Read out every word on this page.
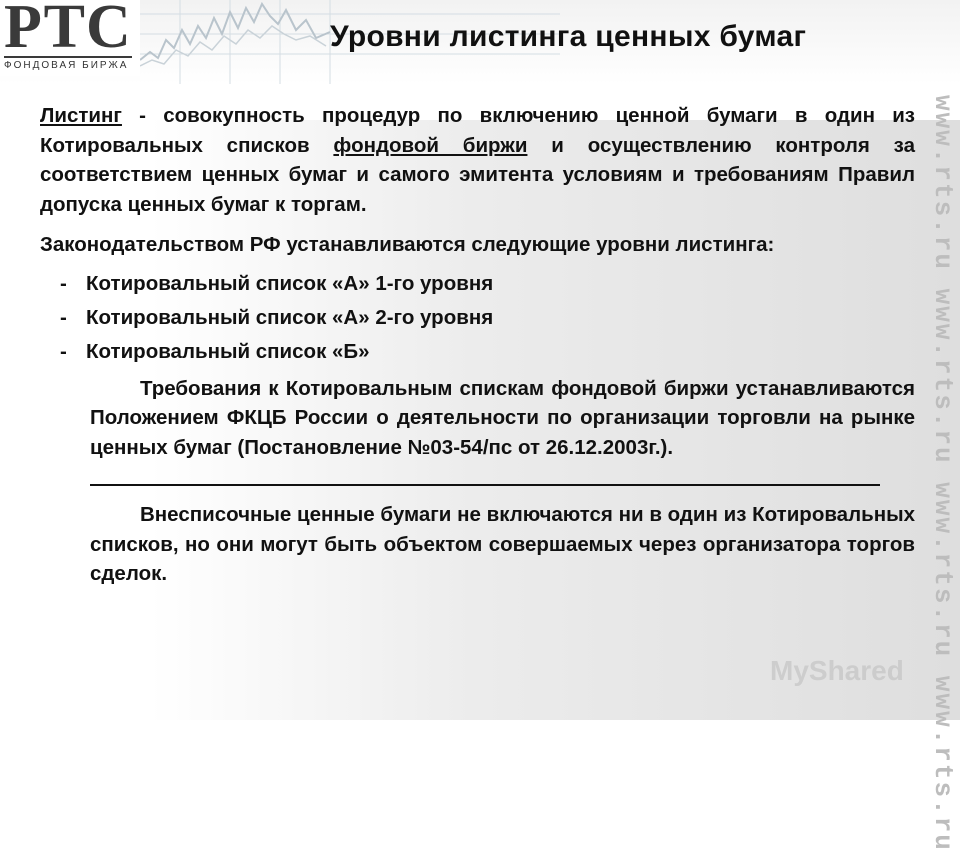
РТС
ФОНДОВАЯ БИРЖА
Уровни листинга ценных бумаг

Листинг - совокупность процедур по включению ценной бумаги в один из Котировальных списков фондовой биржи и осуществлению контроля за соответствием ценных бумаг и самого эмитента условиям и требованиям Правил допуска ценных бумаг к торгам.

Законодательством РФ устанавливаются следующие уровни листинга:

- Котировальный список «А» 1-го уровня
- Котировальный список «А» 2-го уровня
- Котировальный список «Б»
Требования к Котировальным спискам фондовой биржи устанавливаются Положением ФКЦБ России о деятельности по организации торговли на рынке ценных бумаг (Постановление №03-54/пс от 26.12.2003г.).
Внесписочные ценные бумаги не включаются ни в один из Котировальных списков, но они могут быть объектом совершаемых через организатора торгов сделок.	www.rts.ru www.rts.ru www.rts.ru www.rts.ru
MyShared
